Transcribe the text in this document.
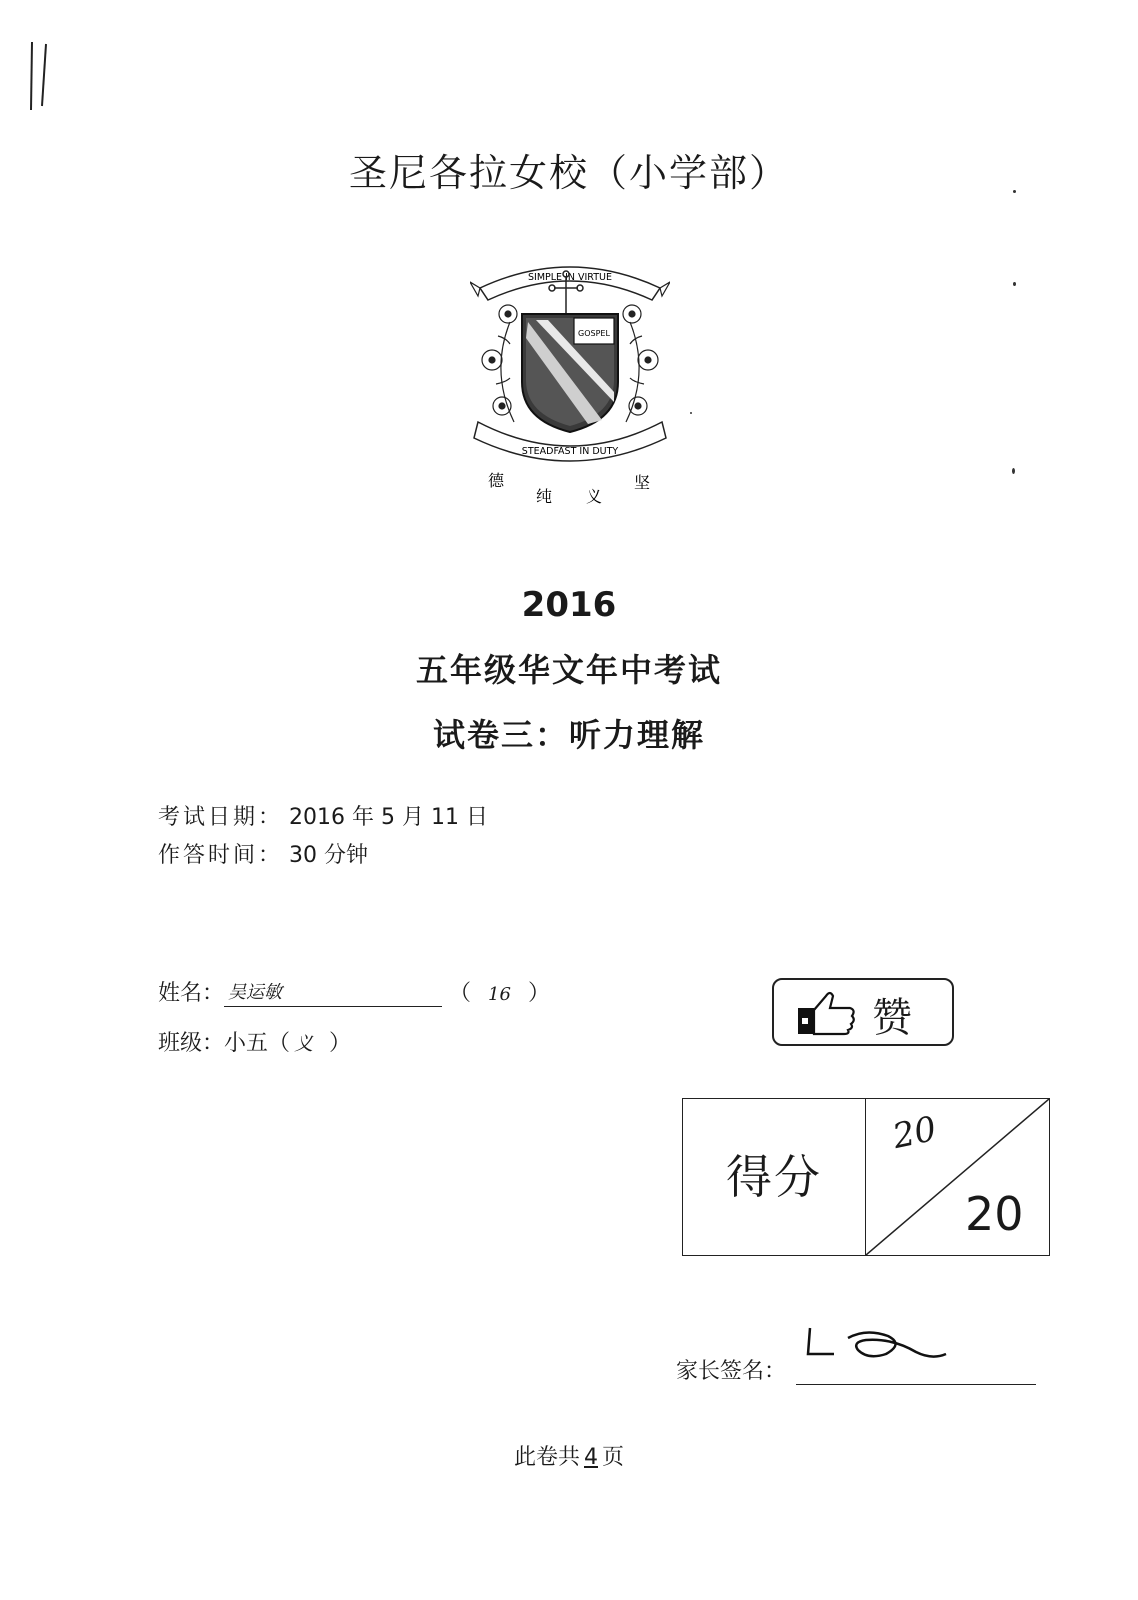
圣尼各拉女校（小学部）
SIMPLE IN VIRTUE
GOSPEL
STEADFAST IN DUTY
德
纯 义
坚
2016
五年级华文年中考试
试卷三：听力理解
考试日期： 2016 年 5 月 11 日
作答时间： 30 分钟
姓名： 吴运敏	（ 16 ）
班级：小五（ 义 ）
赞
得分
20
20
家长签名：
此卷共 4 页
